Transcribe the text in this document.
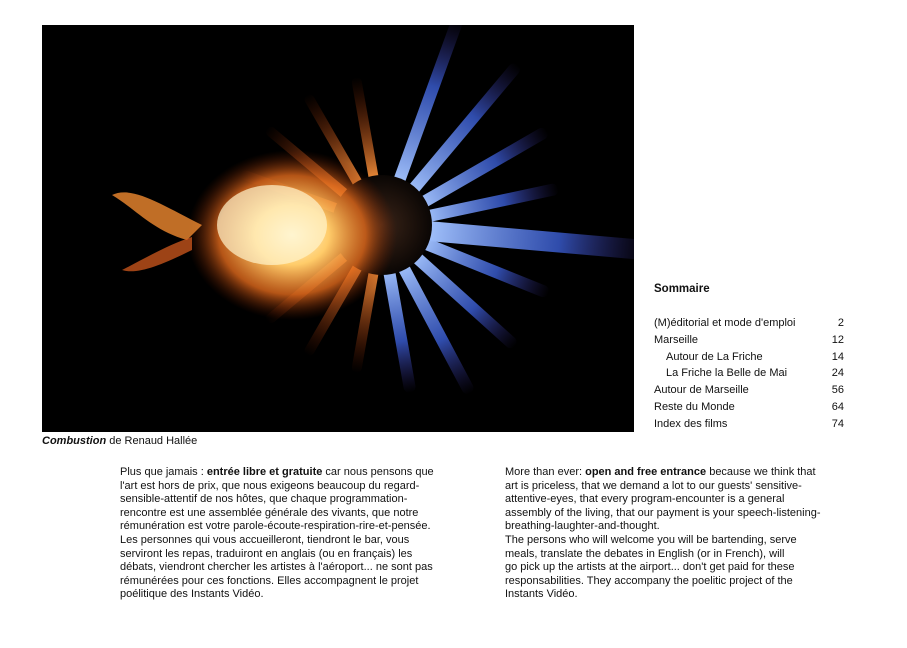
Combustion de Renaud Hallée
Sommaire
(M)éditorial et mode d'emploi	2
Marseille	12
Autour de La Friche	14
La Friche la Belle de Mai	24
Autour de Marseille	56
Reste du Monde	64
Index des films	74
Plus que jamais : entrée libre et gratuite car nous pensons que
l'art est hors de prix, que nous exigeons beaucoup du regard-
sensible-attentif de nos hôtes, que chaque programmation-
rencontre est une assemblée générale des vivants, que notre
rémunération est votre parole-écoute-respiration-rire-et-pensée.
Les personnes qui vous accueilleront, tiendront le bar, vous
serviront les repas, traduiront en anglais (ou en français) les
débats, viendront chercher les artistes à l'aéroport... ne sont pas
rémunérées pour ces fonctions. Elles accompagnent le projet
poélitique des Instants Vidéo.
More than ever: open and free entrance because we think that
art is priceless, that we demand a lot to our guests' sensitive-
attentive-eyes, that every program-encounter is a general
assembly of the living, that our payment is your speech-listening-
breathing-laughter-and-thought.
The persons who will welcome you will be bartending, serve
meals, translate the debates in English (or in French), will
go pick up the artists at the airport... don't get paid for these
responsabilities. They accompany the poelitic project of the
Instants Vidéo.
